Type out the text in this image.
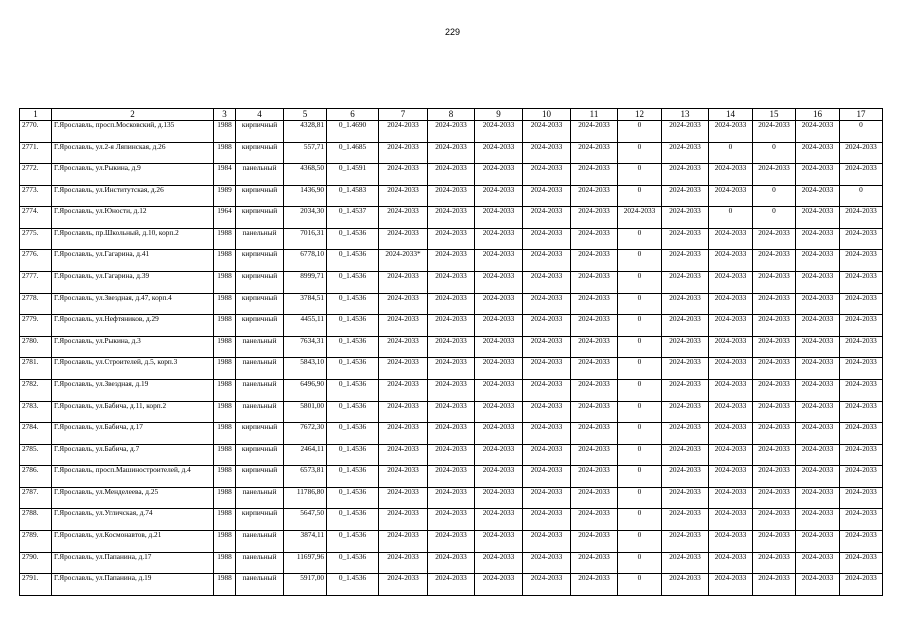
229
1	2	3	4	5	6	7	8	9	10	11	12	13	14	15	16	17
2770.	Г.Ярославль, просп.Московский, д.135	1988	кирпичный	4328,81	0_1.4690	2024-2033	2024-2033	2024-2033	2024-2033	2024-2033	0	2024-2033	2024-2033	2024-2033	2024-2033	0
2771.	Г.Ярославль, ул.2-я Ляпинская, д.26	1988	кирпичный	557,71	0_1.4685	2024-2033	2024-2033	2024-2033	2024-2033	2024-2033	0	2024-2033	0	0	2024-2033	2024-2033
2772.	Г.Ярославль, ул.Рыкина, д.9	1984	панельный	4368,50	0_1.4591	2024-2033	2024-2033	2024-2033	2024-2033	2024-2033	0	2024-2033	2024-2033	2024-2033	2024-2033	2024-2033
2773.	Г.Ярославль, ул.Институтская, д.26	1989	кирпичный	1436,90	0_1.4583	2024-2033	2024-2033	2024-2033	2024-2033	2024-2033	0	2024-2033	2024-2033	0	2024-2033	0
2774.	Г.Ярославль, ул.Юности, д.12	1964	кирпичный	2034,30	0_1.4537	2024-2033	2024-2033	2024-2033	2024-2033	2024-2033	2024-2033	2024-2033	0	0	2024-2033	2024-2033
2775.	Г.Ярославль, пр.Школьный, д.10, корп.2	1988	панельный	7016,31	0_1.4536	2024-2033	2024-2033	2024-2033	2024-2033	2024-2033	0	2024-2033	2024-2033	2024-2033	2024-2033	2024-2033
2776.	Г.Ярославль, ул.Гагарина, д.41	1988	кирпичный	6778,10	0_1.4536	2024-2033*	2024-2033	2024-2033	2024-2033	2024-2033	0	2024-2033	2024-2033	2024-2033	2024-2033	2024-2033
2777.	Г.Ярославль, ул.Гагарина, д.39	1988	кирпичный	8999,71	0_1.4536	2024-2033	2024-2033	2024-2033	2024-2033	2024-2033	0	2024-2033	2024-2033	2024-2033	2024-2033	2024-2033
2778.	Г.Ярославль, ул.Звездная, д.47, корп.4	1988	кирпичный	3784,51	0_1.4536	2024-2033	2024-2033	2024-2033	2024-2033	2024-2033	0	2024-2033	2024-2033	2024-2033	2024-2033	2024-2033
2779.	Г.Ярославль, ул.Нефтяников, д.29	1988	кирпичный	4455,11	0_1.4536	2024-2033	2024-2033	2024-2033	2024-2033	2024-2033	0	2024-2033	2024-2033	2024-2033	2024-2033	2024-2033
2780.	Г.Ярославль, ул.Рыкина, д.3	1988	панельный	7634,31	0_1.4536	2024-2033	2024-2033	2024-2033	2024-2033	2024-2033	0	2024-2033	2024-2033	2024-2033	2024-2033	2024-2033
2781.	Г.Ярославль, ул.Строителей, д.5, корп.3	1988	панельный	5843,10	0_1.4536	2024-2033	2024-2033	2024-2033	2024-2033	2024-2033	0	2024-2033	2024-2033	2024-2033	2024-2033	2024-2033
2782.	Г.Ярославль, ул.Звездная, д.19	1988	панельный	6496,90	0_1.4536	2024-2033	2024-2033	2024-2033	2024-2033	2024-2033	0	2024-2033	2024-2033	2024-2033	2024-2033	2024-2033
2783.	Г.Ярославль, ул.Бабича, д.11, корп.2	1988	панельный	5801,00	0_1.4536	2024-2033	2024-2033	2024-2033	2024-2033	2024-2033	0	2024-2033	2024-2033	2024-2033	2024-2033	2024-2033
2784.	Г.Ярославль, ул.Бабича, д.17	1988	кирпичный	7672,30	0_1.4536	2024-2033	2024-2033	2024-2033	2024-2033	2024-2033	0	2024-2033	2024-2033	2024-2033	2024-2033	2024-2033
2785.	Г.Ярославль, ул.Бабича, д.7	1988	кирпичный	2464,11	0_1.4536	2024-2033	2024-2033	2024-2033	2024-2033	2024-2033	0	2024-2033	2024-2033	2024-2033	2024-2033	2024-2033
2786.	Г.Ярославль, просп.Машиностроителей, д.4	1988	кирпичный	6573,81	0_1.4536	2024-2033	2024-2033	2024-2033	2024-2033	2024-2033	0	2024-2033	2024-2033	2024-2033	2024-2033	2024-2033
2787.	Г.Ярославль, ул.Менделеева, д.25	1988	панельный	11786,80	0_1.4536	2024-2033	2024-2033	2024-2033	2024-2033	2024-2033	0	2024-2033	2024-2033	2024-2033	2024-2033	2024-2033
2788.	Г.Ярославль, ул.Угличская, д.74	1988	кирпичный	5647,50	0_1.4536	2024-2033	2024-2033	2024-2033	2024-2033	2024-2033	0	2024-2033	2024-2033	2024-2033	2024-2033	2024-2033
2789.	Г.Ярославль, ул.Космонавтов, д.21	1988	панельный	3874,11	0_1.4536	2024-2033	2024-2033	2024-2033	2024-2033	2024-2033	0	2024-2033	2024-2033	2024-2033	2024-2033	2024-2033
2790.	Г.Ярославль, ул.Папанина, д.17	1988	панельный	11697,96	0_1.4536	2024-2033	2024-2033	2024-2033	2024-2033	2024-2033	0	2024-2033	2024-2033	2024-2033	2024-2033	2024-2033
2791.	Г.Ярославль, ул.Папанина, д.19	1988	панельный	5917,00	0_1.4536	2024-2033	2024-2033	2024-2033	2024-2033	2024-2033	0	2024-2033	2024-2033	2024-2033	2024-2033	2024-2033
